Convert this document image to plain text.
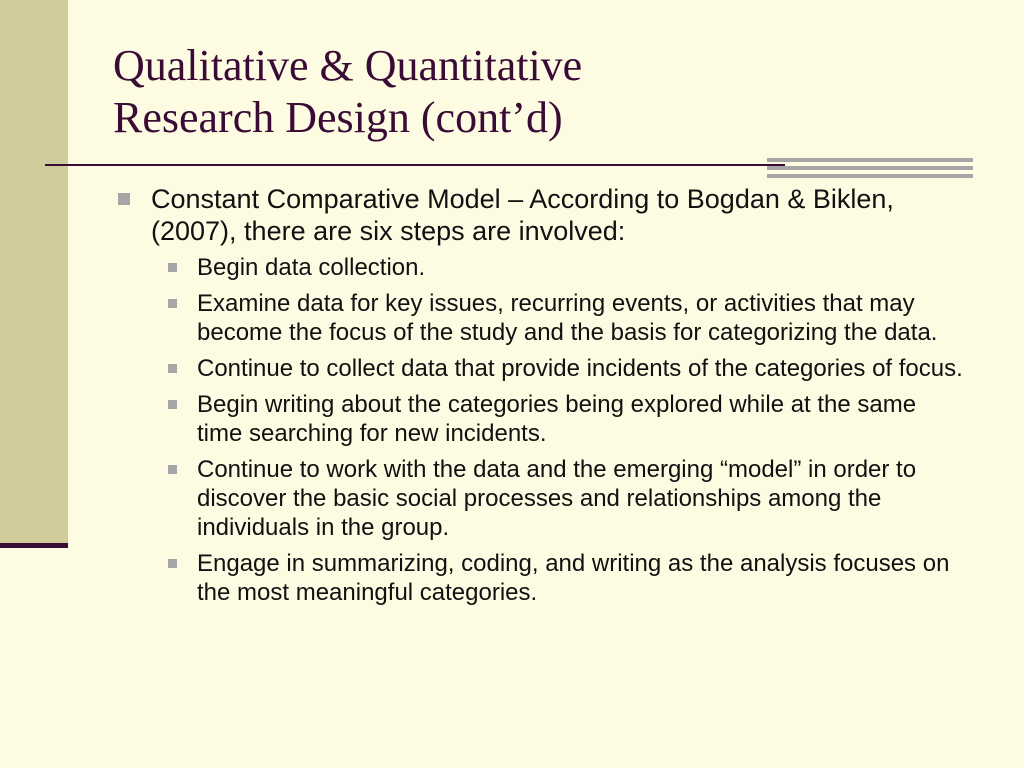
Qualitative & Quantitative
Research Design (cont’d)
Constant Comparative Model – According to Bogdan & Biklen, (2007), there are six steps are involved:
Begin data collection.
Examine data for key issues, recurring events, or activities that may become the focus of the study and the basis for categorizing the data.
Continue to collect data that provide incidents of the categories of focus.
Begin writing about the categories being explored while at the same time searching for new incidents.
Continue to work with the data and the emerging “model” in order to discover the basic social processes and relationships among the individuals in the group.
Engage in summarizing, coding, and writing as the analysis focuses on the most meaningful categories.
